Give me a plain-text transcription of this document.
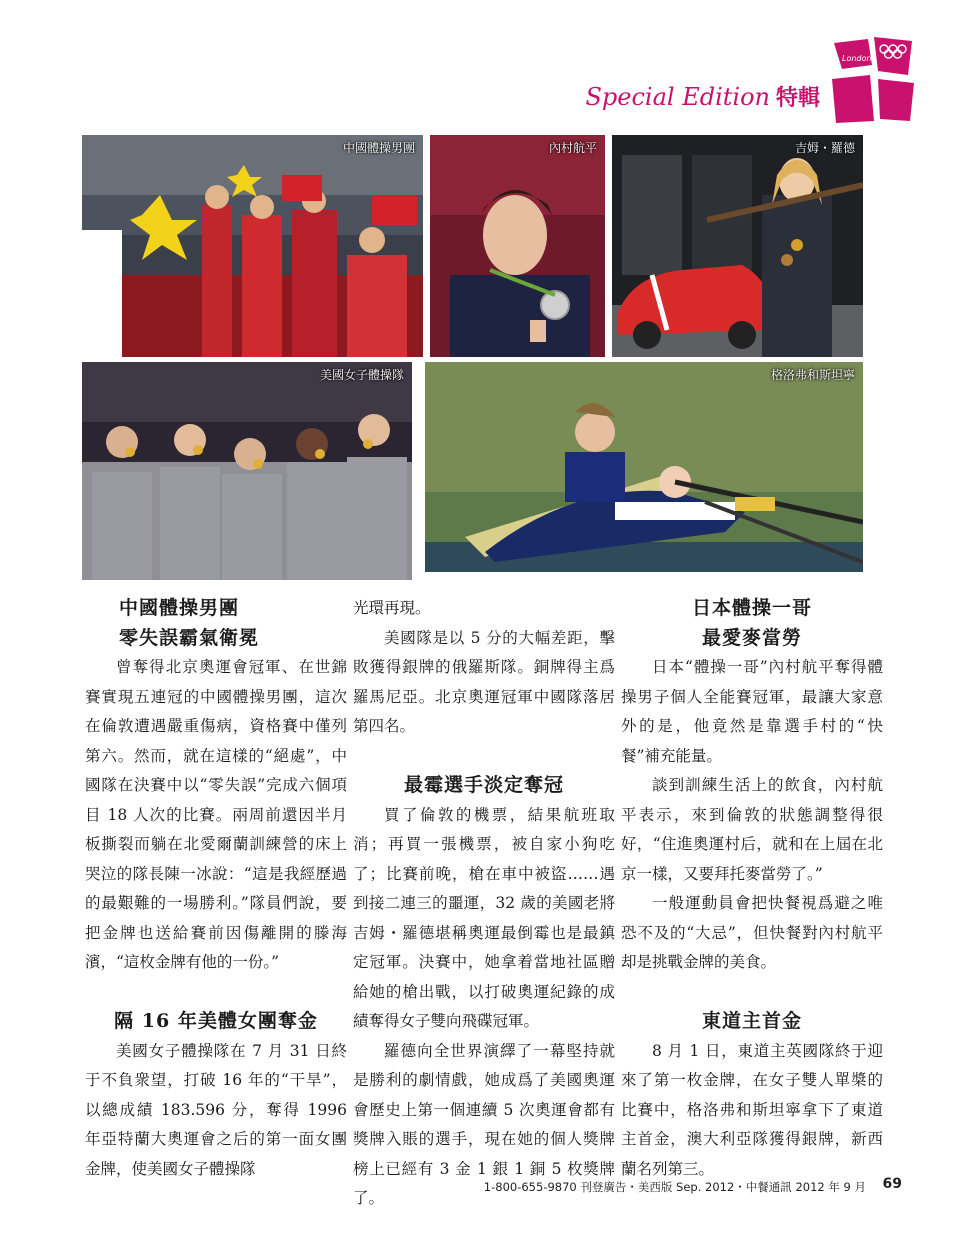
Special Edition 特輯
London
中國體操男團	內村航平	吉姆・羅德
美國女子體操隊	格洛弗和斯坦寧
中國體操男團
零失誤霸氣衛冕

曾奪得北京奧運會冠軍、在世錦賽實現五連冠的中國體操男團，這次在倫敦遭遇嚴重傷病，資格賽中僅列第六。然而，就在這樣的“絕處”，中國隊在決賽中以“零失誤”完成六個項目 18 人次的比賽。兩周前還因半月板撕裂而躺在北愛爾蘭訓練營的床上哭泣的隊長陳一冰說：“這是我經歷過的最艱難的一場勝利。”隊員們說，要把金牌也送給賽前因傷離開的滕海濱，“這枚金牌有他的一份。”

隔 16 年美體女團奪金

美國女子體操隊在 7 月 31 日終于不負衆望，打破 16 年的“干旱”，以總成績 183.596 分，奪得 1996 年亞特蘭大奧運會之后的第一面女團金牌，使美國女子體操隊

光環再現。

美國隊是以 5 分的大幅差距，擊敗獲得銀牌的俄羅斯隊。銅牌得主爲羅馬尼亞。北京奧運冠軍中國隊落居第四名。

最霉選手淡定奪冠

買了倫敦的機票，結果航班取消；再買一張機票，被自家小狗吃了；比賽前晚，槍在車中被盜……遇到接二連三的噩運，32 歲的美國老將吉姆・羅德堪稱奧運最倒霉也是最鎮定冠軍。決賽中，她拿着當地社區贈給她的槍出戰，以打破奧運紀錄的成績奪得女子雙向飛碟冠軍。

羅德向全世界演繹了一幕堅持就是勝利的劇情戲，她成爲了美國奧運會歷史上第一個連續 5 次奧運會都有獎牌入賬的選手，現在她的個人獎牌榜上已經有 3 金 1 銀 1 銅 5 枚獎牌了。

日本體操一哥
最愛麥當勞

日本“體操一哥”內村航平奪得體操男子個人全能賽冠軍，最讓大家意外的是，他竟然是靠選手村的“快餐”補充能量。

談到訓練生活上的飲食，內村航平表示，來到倫敦的狀態調整得很好，“住進奧運村后，就和在上屆在北京一樣，又要拜托麥當勞了。”

一般運動員會把快餐視爲避之唯恐不及的“大忌”，但快餐對內村航平却是挑戰金牌的美食。

東道主首金

8 月 1 日，東道主英國隊終于迎來了第一枚金牌，在女子雙人單槳的比賽中，格洛弗和斯坦寧拿下了東道主首金，澳大利亞隊獲得銀牌，新西蘭名列第三。

1-800-655-9870 刊登廣告・美西版 Sep. 2012・中餐通訊 2012 年 9 月 69
